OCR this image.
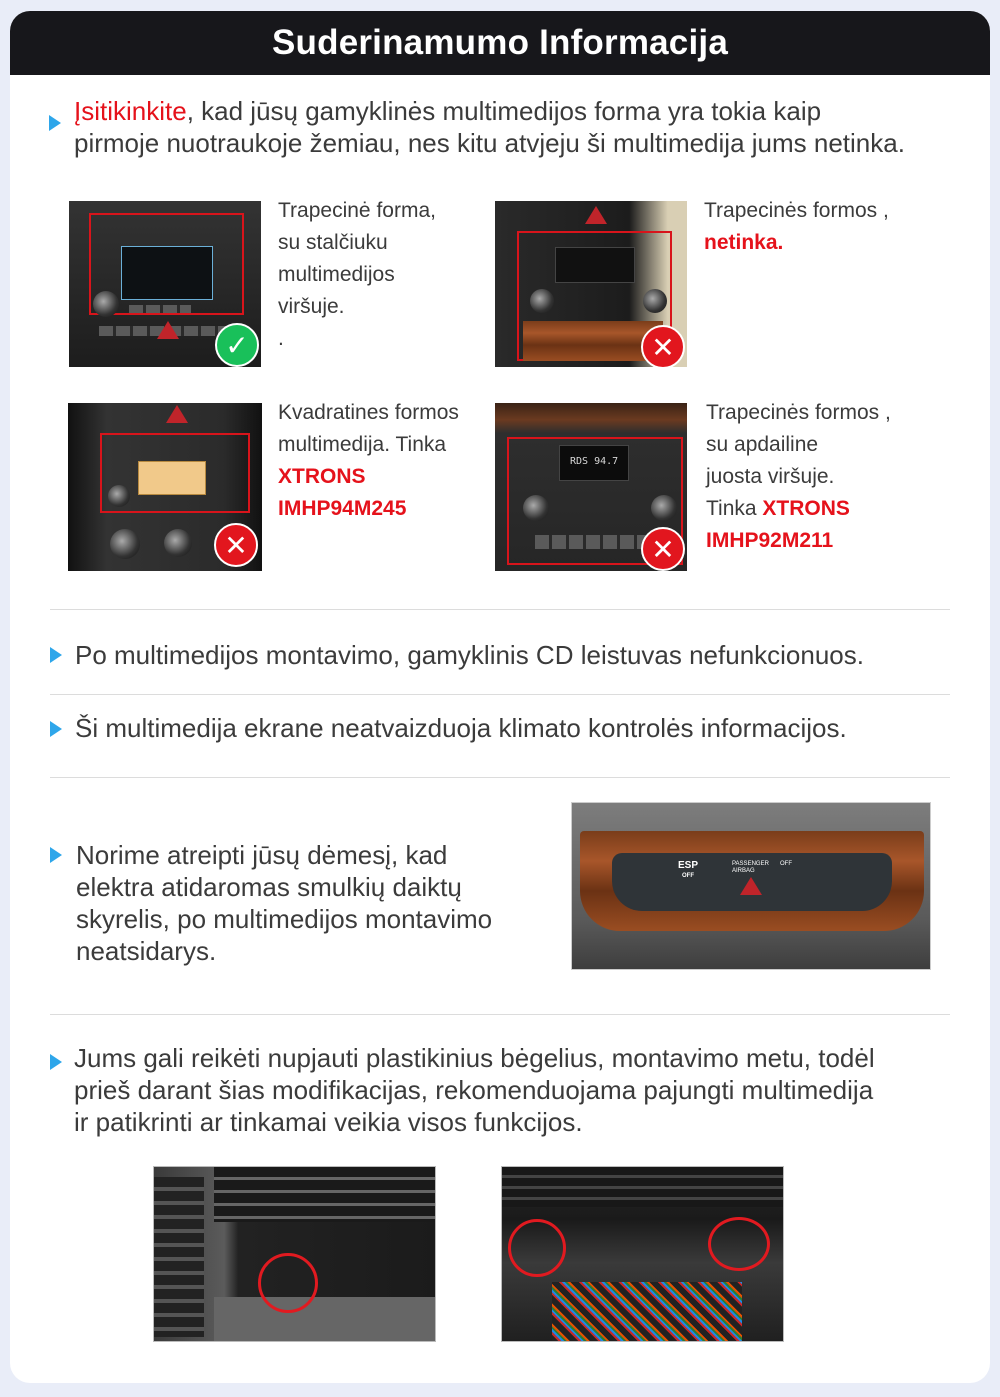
Suderinamumo Informacija
Įsitikinkite, kad jūsų gamyklinės multimedijos forma yra tokia kaip
pirmoje nuotraukoje žemiau, nes kitu atvjeju ši multimedija jums netinka.
✓
Trapecinė forma,
su stalčiuku
multimedijos
viršuje.
.	✕
Trapecinės formos ,
netinka.
✕
Kvadratines formos
multimedija. Tinka
XTRONS
IMHP94M245
RDS 94.7
✕
Trapecinės formos ,
su apdailine
juosta viršuje.
Tinka XTRONS
IMHP92M211
Po multimedijos montavimo, gamyklinis CD leistuvas nefunkcionuos.
Ši multimedija ekrane neatvaizduoja klimato kontrolės informacijos.
Norime atreipti jūsų dėmesį, kad
elektra atidaromas smulkių daiktų
skyrelis, po multimedijos montavimo
neatsidarys.
ESP
OFF
PASSENGER AIRBAG
OFF
Jums gali reikėti nupjauti plastikinius bėgelius, montavimo metu, todėl
prieš darant šias modifikacijas, rekomenduojama pajungti multimedija
ir patikrinti ar tinkamai veikia visos funkcijos.
